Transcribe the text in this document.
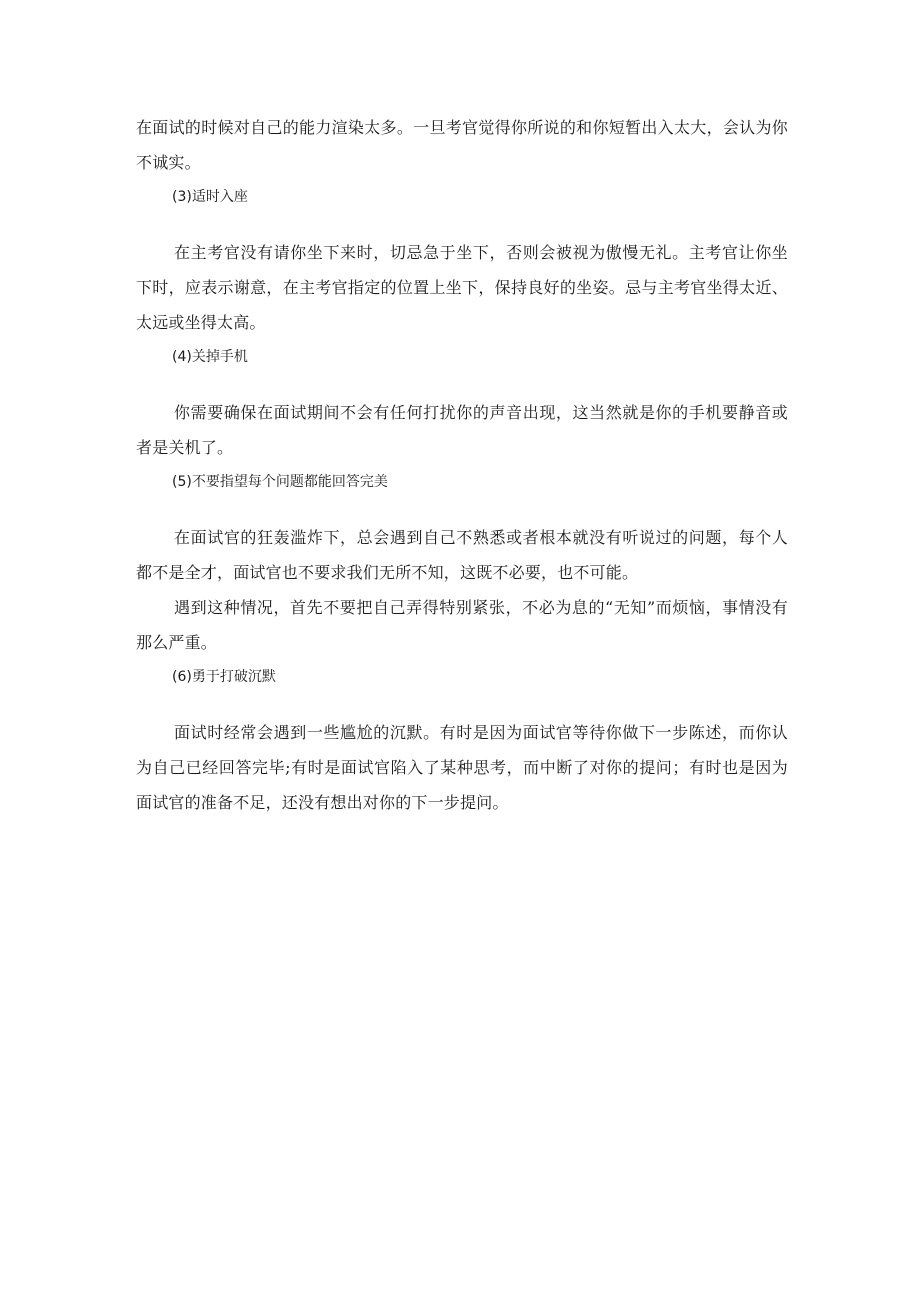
在面试的时候对自己的能力渲染太多。一旦考官觉得你所说的和你短暂出入太大，会认为你不诚实。

(3)适时入座

在主考官没有请你坐下来时，切忌急于坐下，否则会被视为傲慢无礼。主考官让你坐下时，应表示谢意，在主考官指定的位置上坐下，保持良好的坐姿。忌与主考官坐得太近、太远或坐得太高。

(4)关掉手机

你需要确保在面试期间不会有任何打扰你的声音出现，这当然就是你的手机要静音或者是关机了。

(5)不要指望每个问题都能回答完美

在面试官的狂轰滥炸下，总会遇到自己不熟悉或者根本就没有听说过的问题，每个人都不是全才，面试官也不要求我们无所不知，这既不必要，也不可能。

遇到这种情况，首先不要把自己弄得特别紧张，不必为息的“无知”而烦恼，事情没有那么严重。

(6)勇于打破沉默

面试时经常会遇到一些尴尬的沉默。有时是因为面试官等待你做下一步陈述，而你认为自己已经回答完毕;有时是面试官陷入了某种思考，而中断了对你的提问；有时也是因为面试官的准备不足，还没有想出对你的下一步提问。
